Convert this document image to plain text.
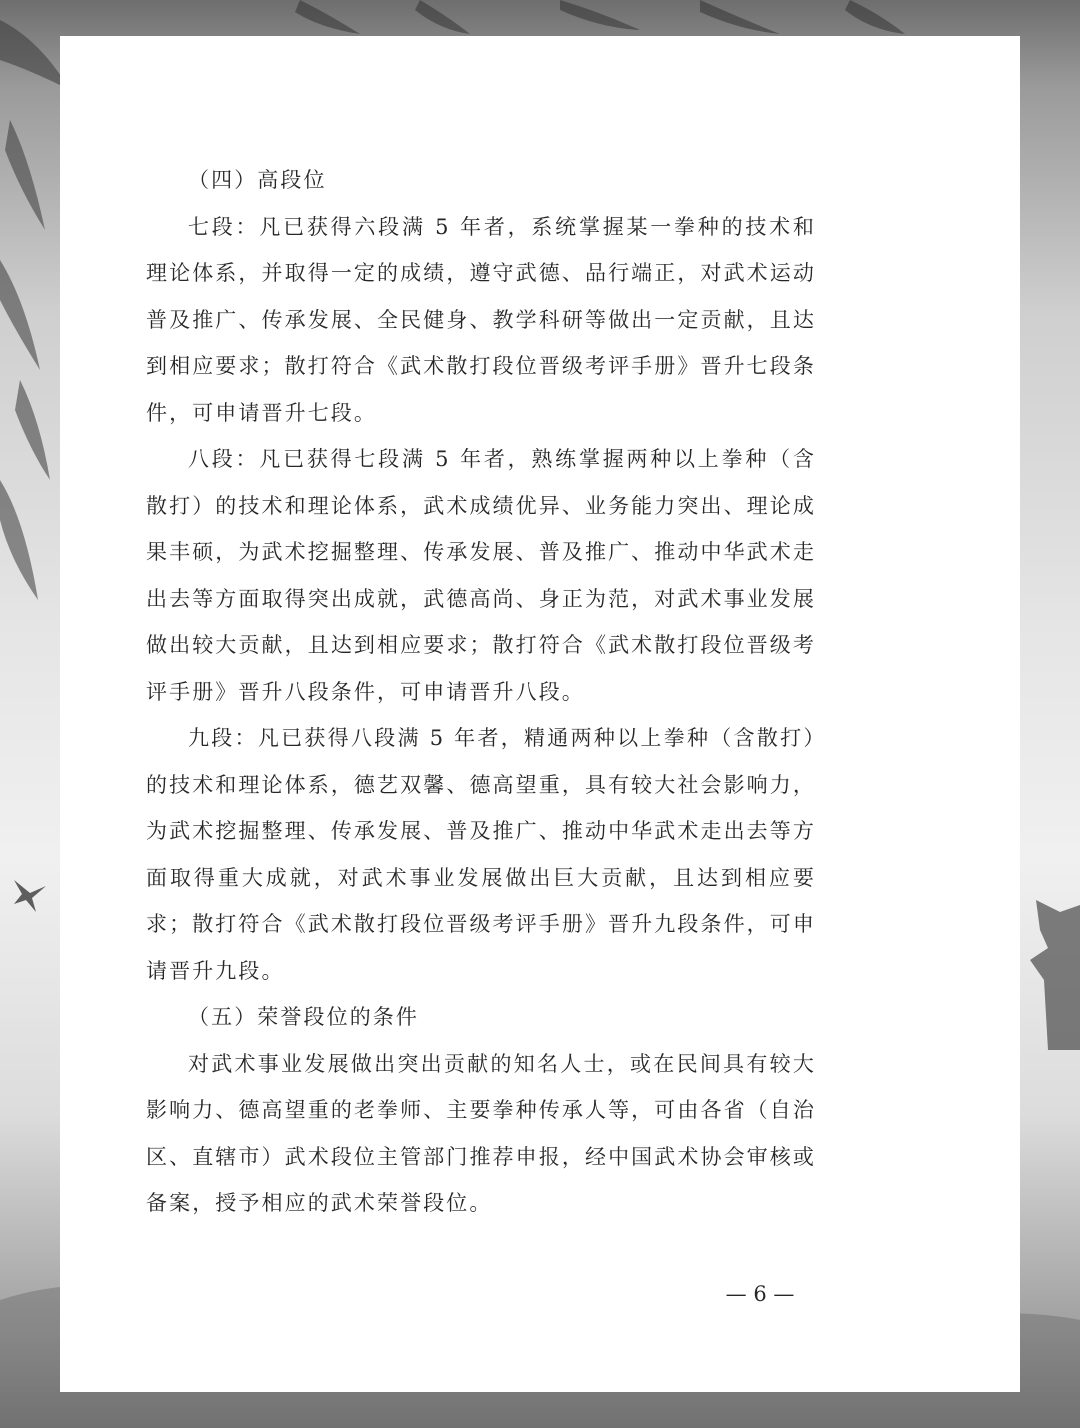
（四）高段位

七段：凡已获得六段满 5 年者，系统掌握某一拳种的技术和理论体系，并取得一定的成绩，遵守武德、品行端正，对武术运动普及推广、传承发展、全民健身、教学科研等做出一定贡献，且达到相应要求；散打符合《武术散打段位晋级考评手册》晋升七段条件，可申请晋升七段。

八段：凡已获得七段满 5 年者，熟练掌握两种以上拳种（含散打）的技术和理论体系，武术成绩优异、业务能力突出、理论成果丰硕，为武术挖掘整理、传承发展、普及推广、推动中华武术走出去等方面取得突出成就，武德高尚、身正为范，对武术事业发展做出较大贡献，且达到相应要求；散打符合《武术散打段位晋级考评手册》晋升八段条件，可申请晋升八段。

九段：凡已获得八段满 5 年者，精通两种以上拳种（含散打）的技术和理论体系，德艺双馨、德高望重，具有较大社会影响力，为武术挖掘整理、传承发展、普及推广、推动中华武术走出去等方面取得重大成就，对武术事业发展做出巨大贡献，且达到相应要求；散打符合《武术散打段位晋级考评手册》晋升九段条件，可申请晋升九段。

（五）荣誉段位的条件

对武术事业发展做出突出贡献的知名人士，或在民间具有较大影响力、德高望重的老拳师、主要拳种传承人等，可由各省（自治区、直辖市）武术段位主管部门推荐申报，经中国武术协会审核或备案，授予相应的武术荣誉段位。

— 6 —
